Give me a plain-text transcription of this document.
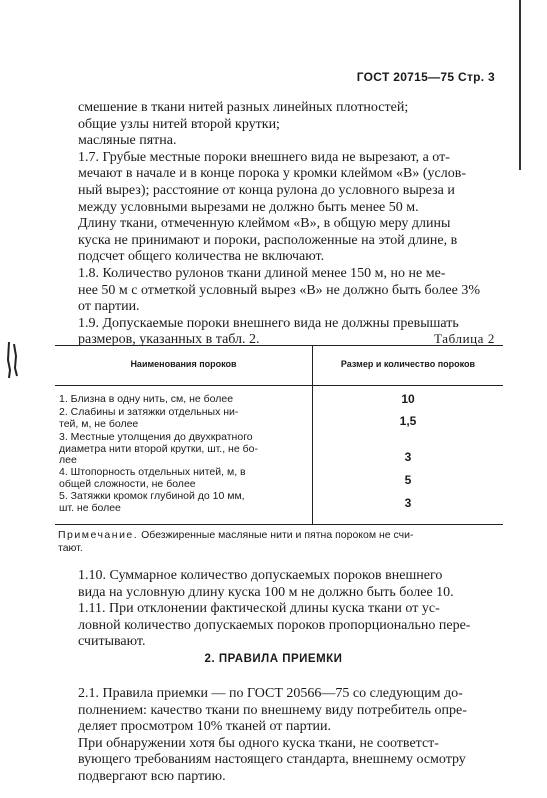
ГОСТ 20715—75 Стр. 3

смешение в ткани нитей разных линейных плотностей;

общие узлы нитей второй крутки;

масляные пятна.

1.7. Грубые местные пороки внешнего вида не вырезают, а от-

мечают в начале и в конце порока у кромки клеймом «В» (услов-

ный вырез); расстояние от конца рулона до условного выреза и

между условными вырезами не должно быть менее 50 м.

Длину ткани, отмеченную клеймом «В», в общую меру длины

куска не принимают и пороки, расположенные на этой длине, в

подсчет общего количества не включают.

1.8. Количество рулонов ткани длиной менее 150 м, но не ме-

нее 50 м с отметкой условный вырез «В» не должно быть более 3%

от партии.

1.9. Допускаемые пороки внешнего вида не должны превышать

размеров, указанных в табл. 2.	Таблица 2
Наименования пороков	Размер и количество пороков
1. Близна в одну нить, см, не более	10
2. Слабины и затяжки отдельных ни-
тей, м, не более	1,5
3. Местные утолщения до двухкратного
диаметра нити второй крутки, шт., не бо-
лее	3
4. Штопорность отдельных нитей, м, в
общей сложности, не более	5
5. Затяжки кромок глубиной до 10 мм,
шт. не более	3
Примечание. Обезжиренные масляные нити и пятна пороком не счи-
тают.

1.10. Суммарное количество допускаемых пороков внешнего

вида на условную длину куска 100 м не должно быть более 10.

1.11. При отклонении фактической длины куска ткани от ус-

ловной количество допускаемых пороков пропорционально пере-

считывают.

2. ПРАВИЛА ПРИЕМКИ

2.1. Правила приемки — по ГОСТ 20566—75 со следующим до-

полнением: качество ткани по внешнему виду потребитель опре-

деляет просмотром 10% тканей от партии.

При обнаружении хотя бы одного куска ткани, не соответст-

вующего требованиям настоящего стандарта, внешнему осмотру

подвергают всю партию.
